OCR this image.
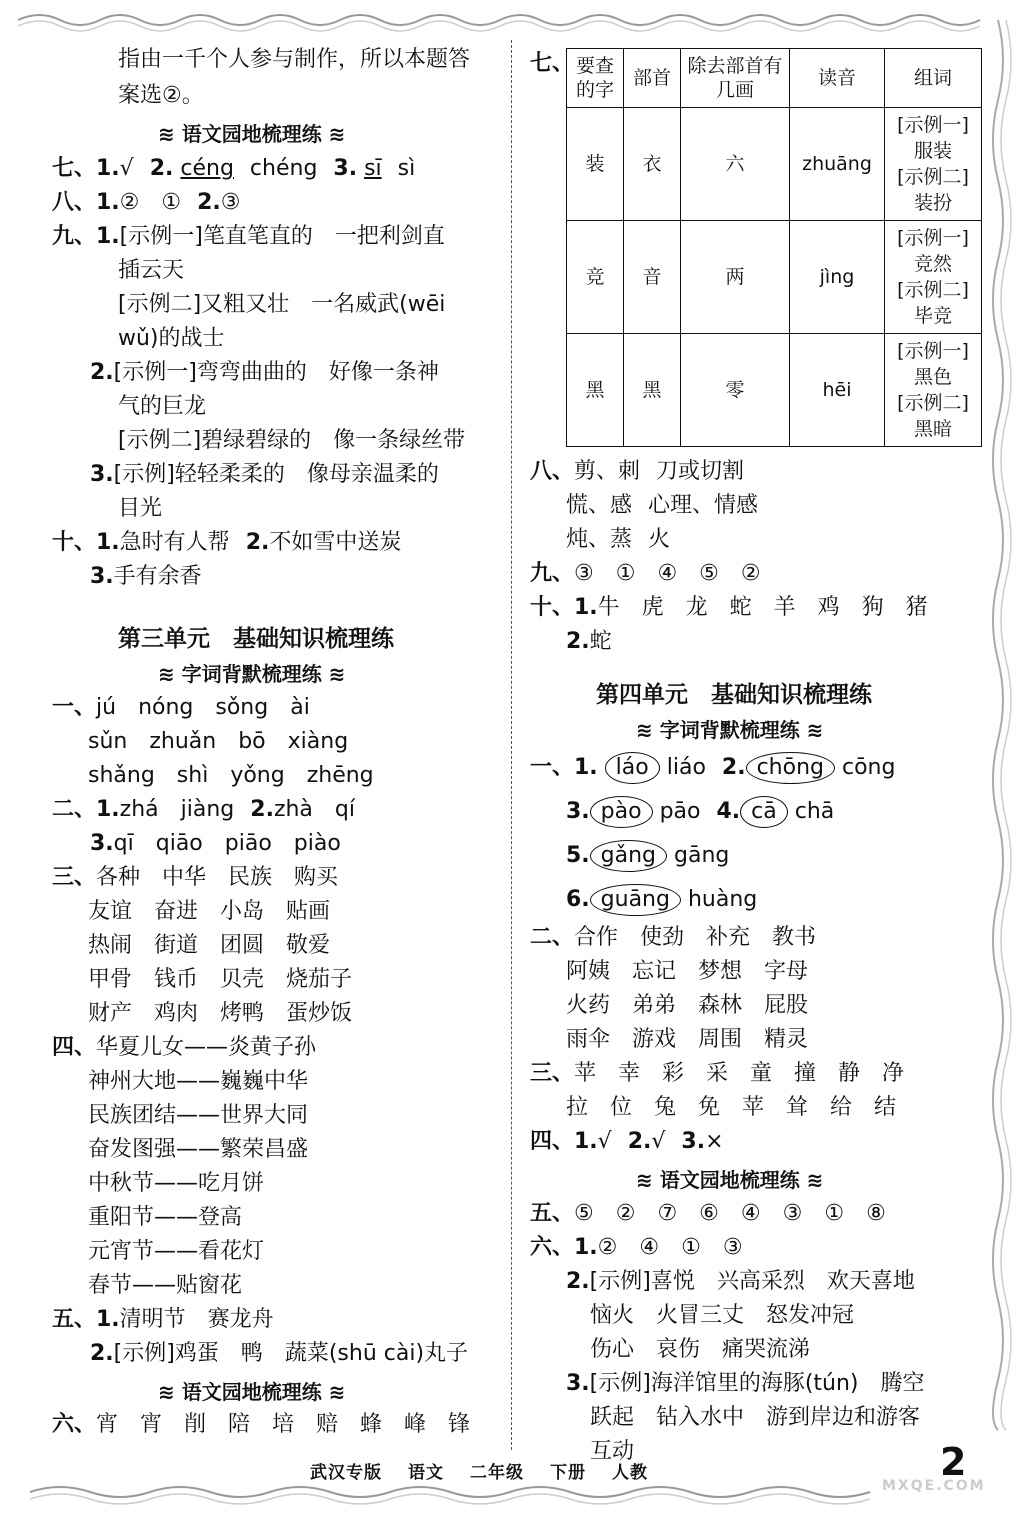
指由一千个人参与制作，所以本题答
案选②。
≋ 语文园地梳理练 ≋
七、1.√ 2. céng chéng 3. sī sì
八、1.②　① 2.③
九、1.[示例一]笔直笔直的　一把利剑直
插云天
[示例二]又粗又壮　一名威武(wēi
wǔ)的战士
2.[示例一]弯弯曲曲的　好像一条神
气的巨龙
[示例二]碧绿碧绿的　像一条绿丝带
3.[示例]轻轻柔柔的　像母亲温柔的
目光
十、1.急时有人帮 2.不如雪中送炭
3.手有余香
第三单元　基础知识梳理练
≋ 字词背默梳理练 ≋
一、jú　nóng　sǒng　ài
sǔn　zhuǎn　bō　xiàng
shǎng　shì　yǒng　zhēng
二、1.zhá　jiàng 2.zhà　qí
3.qī　qiāo　piāo　piào
三、各种　中华　民族　购买
友谊　奋进　小岛　贴画
热闹　街道　团圆　敬爱
甲骨　钱币　贝壳　烧茄子
财产　鸡肉　烤鸭　蛋炒饭
四、华夏儿女——炎黄子孙
神州大地——巍巍中华
民族团结——世界大同
奋发图强——繁荣昌盛
中秋节——吃月饼
重阳节——登高
元宵节——看花灯
春节——贴窗花
五、1.清明节　赛龙舟
2.[示例]鸡蛋　鸭　蔬菜(shū cài)丸子
≋ 语文园地梳理练 ≋
六、宵　宵　削　陪　培　赔　蜂　峰　锋
七、 要查的字	部首	除去部首有几画	读音	组词
装	衣	六	zhuāng	[示例一]
服装
[示例二]
装扮

竞	音	两	jìng	[示例一]
竞然
[示例二]
毕竞

黑	黑	零	hēi	[示例一]
黑色
[示例二]
黑暗
八、剪、刺 刀或切割
慌、感 心理、情感
炖、蒸 火
九、③　①　④　⑤　②
十、1.牛　虎　龙　蛇　羊　鸡　狗　猪
2.蛇
第四单元　基础知识梳理练
≋ 字词背默梳理练 ≋
一、1. láo liáo 2. chōng cōng
3. pào pāo 4. cā chā
5. gǎng gāng
6. guāng huàng
二、合作　使劲　补充　教书
阿姨　忘记　梦想　字母
火药　弟弟　森林　屁股
雨伞　游戏　周围　精灵
三、苹　幸　彩　采　童　撞　静　净
拉　位　兔　免　苹　耸　给　结
四、1.√ 2.√ 3.×
≋ 语文园地梳理练 ≋
五、⑤　②　⑦　⑥　④　③　①　⑧
六、1.②　④　①　③
2.[示例]喜悦　兴高采烈　欢天喜地
恼火　火冒三丈　怒发冲冠
伤心　哀伤　痛哭流涕
3.[示例]海洋馆里的海豚(tún)　腾空
跃起　钻入水中　游到岸边和游客
互动
武汉专版 语文 二年级 下册 人教	2
MXQE.COM
